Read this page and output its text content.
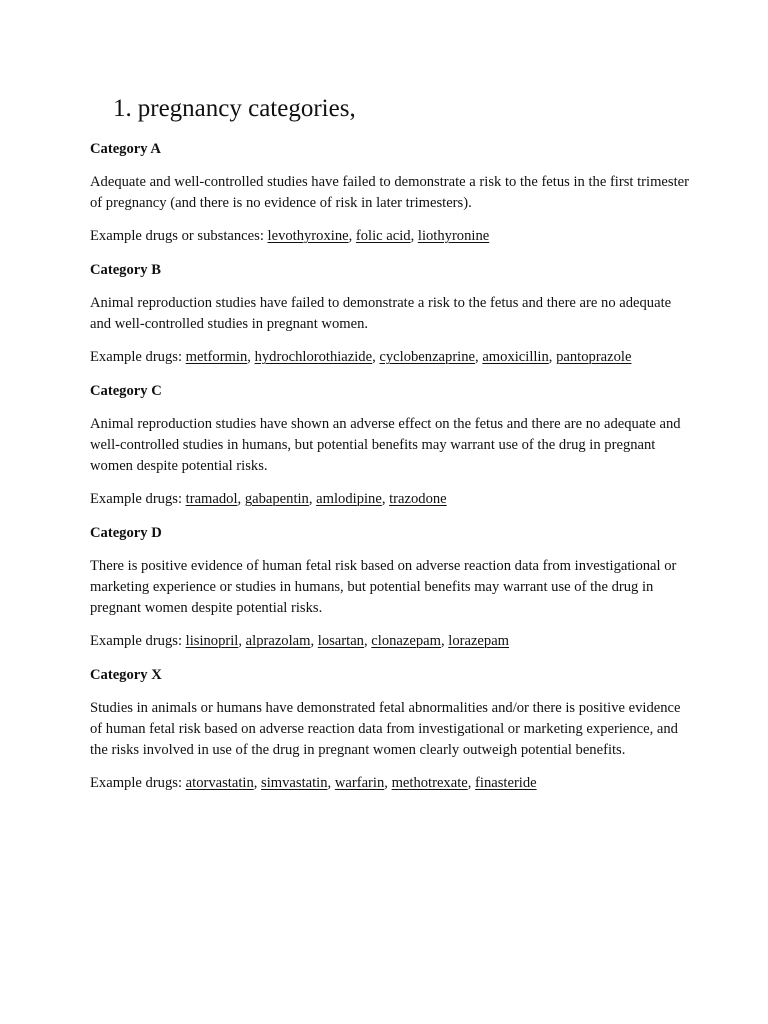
1. pregnancy categories,

Category A

Adequate and well-controlled studies have failed to demonstrate a risk to the fetus in the first trimester of pregnancy (and there is no evidence of risk in later trimesters).

Example drugs or substances: levothyroxine, folic acid, liothyronine

Category B

Animal reproduction studies have failed to demonstrate a risk to the fetus and there are no adequate and well-controlled studies in pregnant women.

Example drugs: metformin, hydrochlorothiazide, cyclobenzaprine, amoxicillin, pantoprazole

Category C

Animal reproduction studies have shown an adverse effect on the fetus and there are no adequate and well-controlled studies in humans, but potential benefits may warrant use of the drug in pregnant women despite potential risks.

Example drugs: tramadol, gabapentin, amlodipine, trazodone

Category D

There is positive evidence of human fetal risk based on adverse reaction data from investigational or marketing experience or studies in humans, but potential benefits may warrant use of the drug in pregnant women despite potential risks.

Example drugs: lisinopril, alprazolam, losartan, clonazepam, lorazepam

Category X

Studies in animals or humans have demonstrated fetal abnormalities and/or there is positive evidence of human fetal risk based on adverse reaction data from investigational or marketing experience, and the risks involved in use of the drug in pregnant women clearly outweigh potential benefits.

Example drugs: atorvastatin, simvastatin, warfarin, methotrexate, finasteride
